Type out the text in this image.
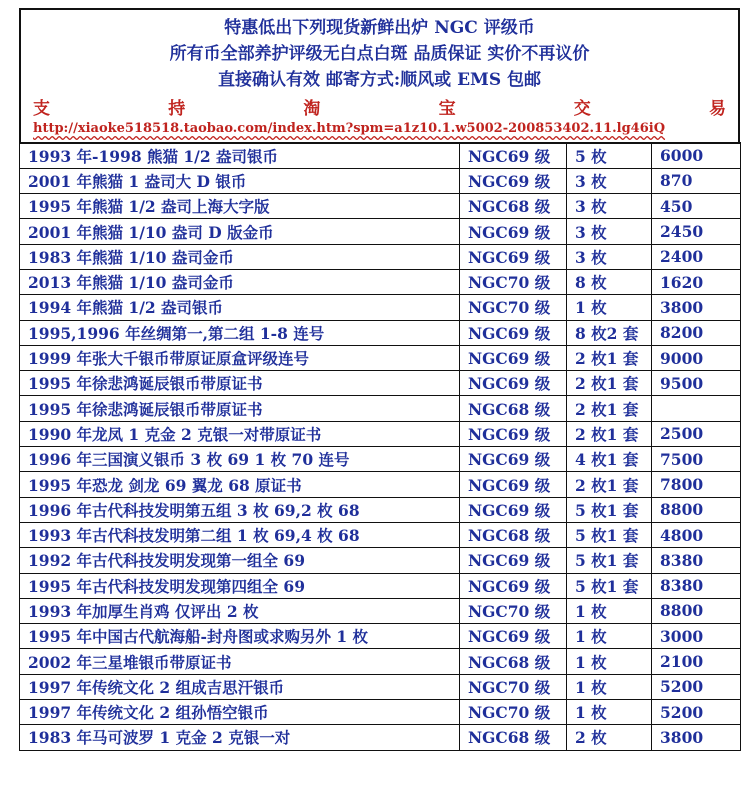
特惠低出下列现货新鲜出炉 NGC 评级币
所有币全部养护评级无白点白斑 品质保证 实价不再议价
直接确认有效 邮寄方式:顺风或 EMS 包邮
支	持	淘	宝	交	易
http://xiaoke518518.taobao.com/index.htm?spm=a1z10.1.w5002-200853402.11.lg46iQ
1993 年-1998 熊猫 1/2 盎司银币	NGC69 级	5 枚	6000
2001 年熊猫 1 盎司大 D 银币	NGC69 级	3 枚	870
1995 年熊猫 1/2 盎司上海大字版	NGC68 级	3 枚	450
2001 年熊猫 1/10 盎司 D 版金币	NGC69 级	3 枚	2450
1983 年熊猫 1/10 盎司金币	NGC69 级	3 枚	2400
2013 年熊猫 1/10 盎司金币	NGC70 级	8 枚	1620
1994 年熊猫 1/2 盎司银币	NGC70 级	1 枚	3800
1995,1996 年丝绸第一,第二组 1-8 连号	NGC69 级	8 枚2 套	8200
1999 年张大千银币带原证原盒评级连号	NGC69 级	2 枚1 套	9000
1995 年徐悲鸿诞辰银币带原证书	NGC69 级	2 枚1 套	9500
1995 年徐悲鸿诞辰银币带原证书	NGC68 级	2 枚1 套	
1990 年龙凤 1 克金 2 克银一对带原证书	NGC69 级	2 枚1 套	2500
1996 年三国演义银币 3 枚 69 1 枚 70 连号	NGC69 级	4 枚1 套	7500
1995 年恐龙 剑龙 69 翼龙 68 原证书	NGC69 级	2 枚1 套	7800
1996 年古代科技发明第五组 3 枚 69,2 枚 68	NGC69 级	5 枚1 套	8800
1993 年古代科技发明第二组 1 枚 69,4 枚 68	NGC68 级	5 枚1 套	4800
1992 年古代科技发明发现第一组全 69	NGC69 级	5 枚1 套	8380
1995 年古代科技发明发现第四组全 69	NGC69 级	5 枚1 套	8380
1993 年加厚生肖鸡 仅评出 2 枚	NGC70 级	1 枚	8800
1995 年中国古代航海船-封舟图或求购另外 1 枚	NGC69 级	1 枚	3000
2002 年三星堆银币带原证书	NGC68 级	1 枚	2100
1997 年传统文化 2 组成吉思汗银币	NGC70 级	1 枚	5200
1997 年传统文化 2 组孙悟空银币	NGC70 级	1 枚	5200
1983 年马可波罗 1 克金 2 克银一对	NGC68 级	2 枚	3800
